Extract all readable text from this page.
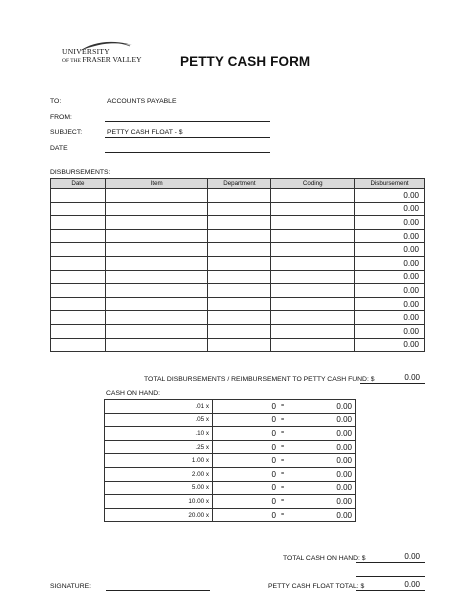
UNIVERSITY
OF THE FRASER VALLEY	PETTY CASH FORM
TO:	ACCOUNTS PAYABLE
FROM:
SUBJECT:	PETTY CASH FLOAT - $
DATE
DISBURSEMENTS:
Date	Item	Department	Coding	Disbursement
				0.00
				0.00
				0.00
				0.00
				0.00
				0.00
				0.00
				0.00
				0.00
				0.00
				0.00
				0.00
TOTAL DISBURSEMENTS / REIMBURSEMENT TO PETTY CASH FUND: $	0.00
CASH ON HAND:
.01 x	0	=	0.00
.05 x	0	=	0.00
.10 x	0	=	0.00
.25 x	0	=	0.00
1.00 x	0	=	0.00
2.00 x	0	=	0.00
5.00 x	0	=	0.00
10.00 x	0	=	0.00
20.00 x	0	=	0.00
TOTAL CASH ON HAND: $	0.00
SIGNATURE:	PETTY CASH FLOAT TOTAL: $	0.00
